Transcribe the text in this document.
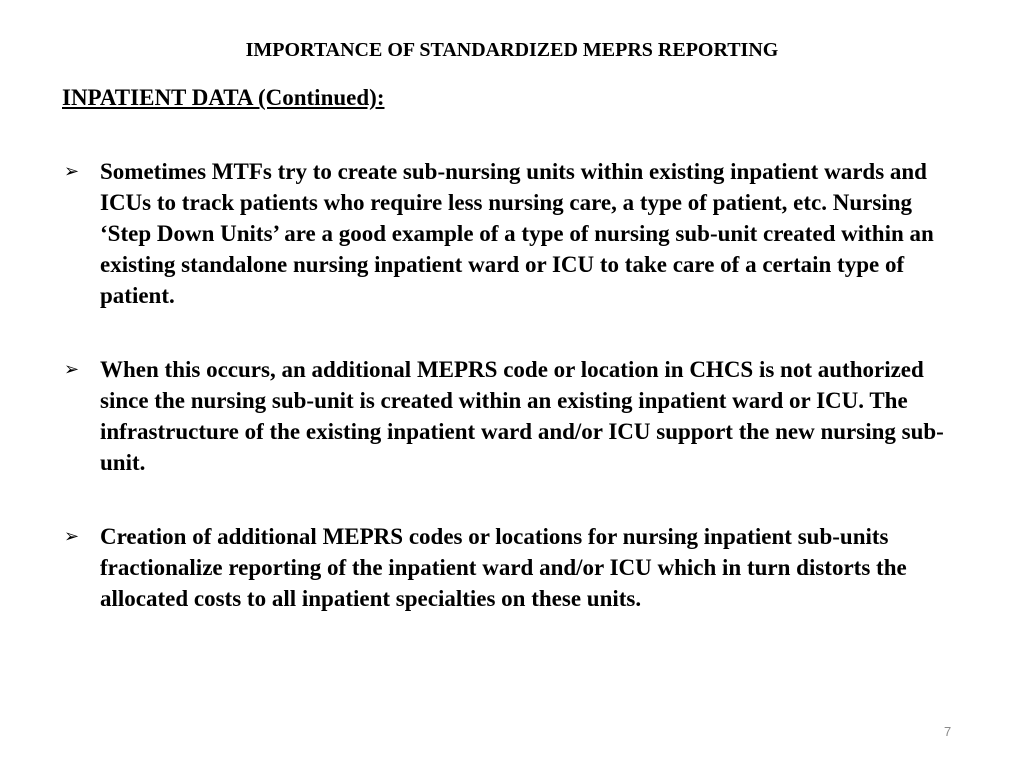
IMPORTANCE OF STANDARDIZED MEPRS REPORTING
INPATIENT DATA (Continued):
➢ Sometimes MTFs try to create sub-nursing units within existing inpatient wards and ICUs to track patients who require less nursing care, a type of patient, etc. Nursing ‘Step Down Units’ are a good example of a type of nursing sub-unit created within an existing standalone nursing inpatient ward or ICU to take care of a certain type of patient.
➢ When this occurs, an additional MEPRS code or location in CHCS is not authorized since the nursing sub-unit is created within an existing inpatient ward or ICU. The infrastructure of the existing inpatient ward and/or ICU support the new nursing sub-unit.
➢ Creation of additional MEPRS codes or locations for nursing inpatient sub-units fractionalize reporting of the inpatient ward and/or ICU which in turn distorts the allocated costs to all inpatient specialties on these units.
7
